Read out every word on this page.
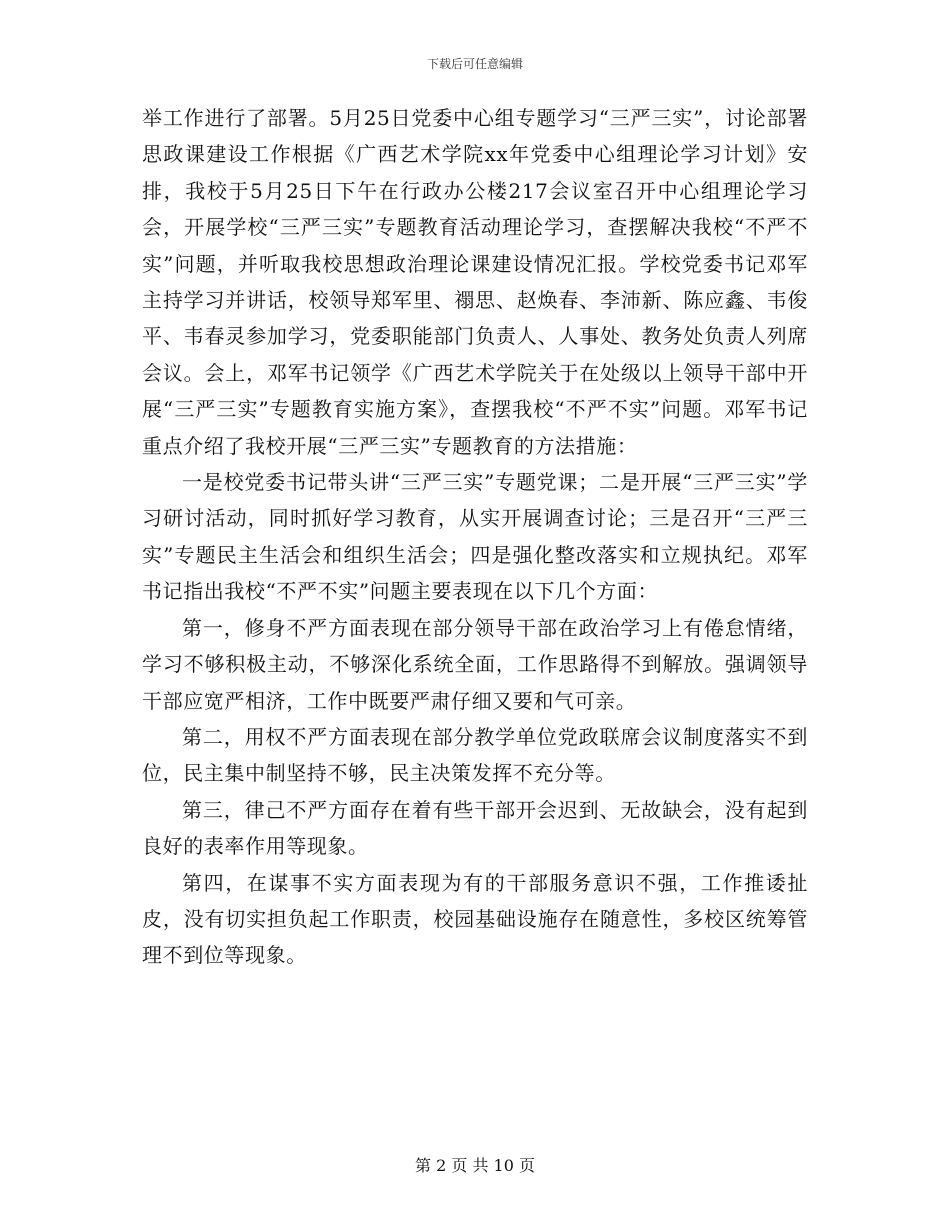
下载后可任意编辑

举工作进行了部署。5月25日党委中心组专题学习“三严三实”，讨论部署思政课建设工作根据《广西艺术学院xx年党委中心组理论学习计划》安排，我校于5月25日下午在行政办公楼217会议室召开中心组理论学习会，开展学校“三严三实”专题教育活动理论学习，查摆解决我校“不严不实”问题，并听取我校思想政治理论课建设情况汇报。学校党委书记邓军主持学习并讲话，校领导郑军里、禤思、赵焕春、李沛新、陈应鑫、韦俊平、韦春灵参加学习，党委职能部门负责人、人事处、教务处负责人列席会议。会上，邓军书记领学《广西艺术学院关于在处级以上领导干部中开展“三严三实”专题教育实施方案》，查摆我校“不严不实”问题。邓军书记重点介绍了我校开展“三严三实”专题教育的方法措施：

一是校党委书记带头讲“三严三实”专题党课；二是开展“三严三实”学习研讨活动，同时抓好学习教育，从实开展调查讨论；三是召开“三严三实”专题民主生活会和组织生活会；四是强化整改落实和立规执纪。邓军书记指出我校“不严不实”问题主要表现在以下几个方面：

第一，修身不严方面表现在部分领导干部在政治学习上有倦怠情绪，学习不够积极主动，不够深化系统全面，工作思路得不到解放。强调领导干部应宽严相济，工作中既要严肃仔细又要和气可亲。

第二，用权不严方面表现在部分教学单位党政联席会议制度落实不到位，民主集中制坚持不够，民主决策发挥不充分等。

第三，律己不严方面存在着有些干部开会迟到、无故缺会，没有起到良好的表率作用等现象。

第四，在谋事不实方面表现为有的干部服务意识不强，工作推诿扯皮，没有切实担负起工作职责，校园基础设施存在随意性，多校区统筹管理不到位等现象。

第 2 页 共 10 页
